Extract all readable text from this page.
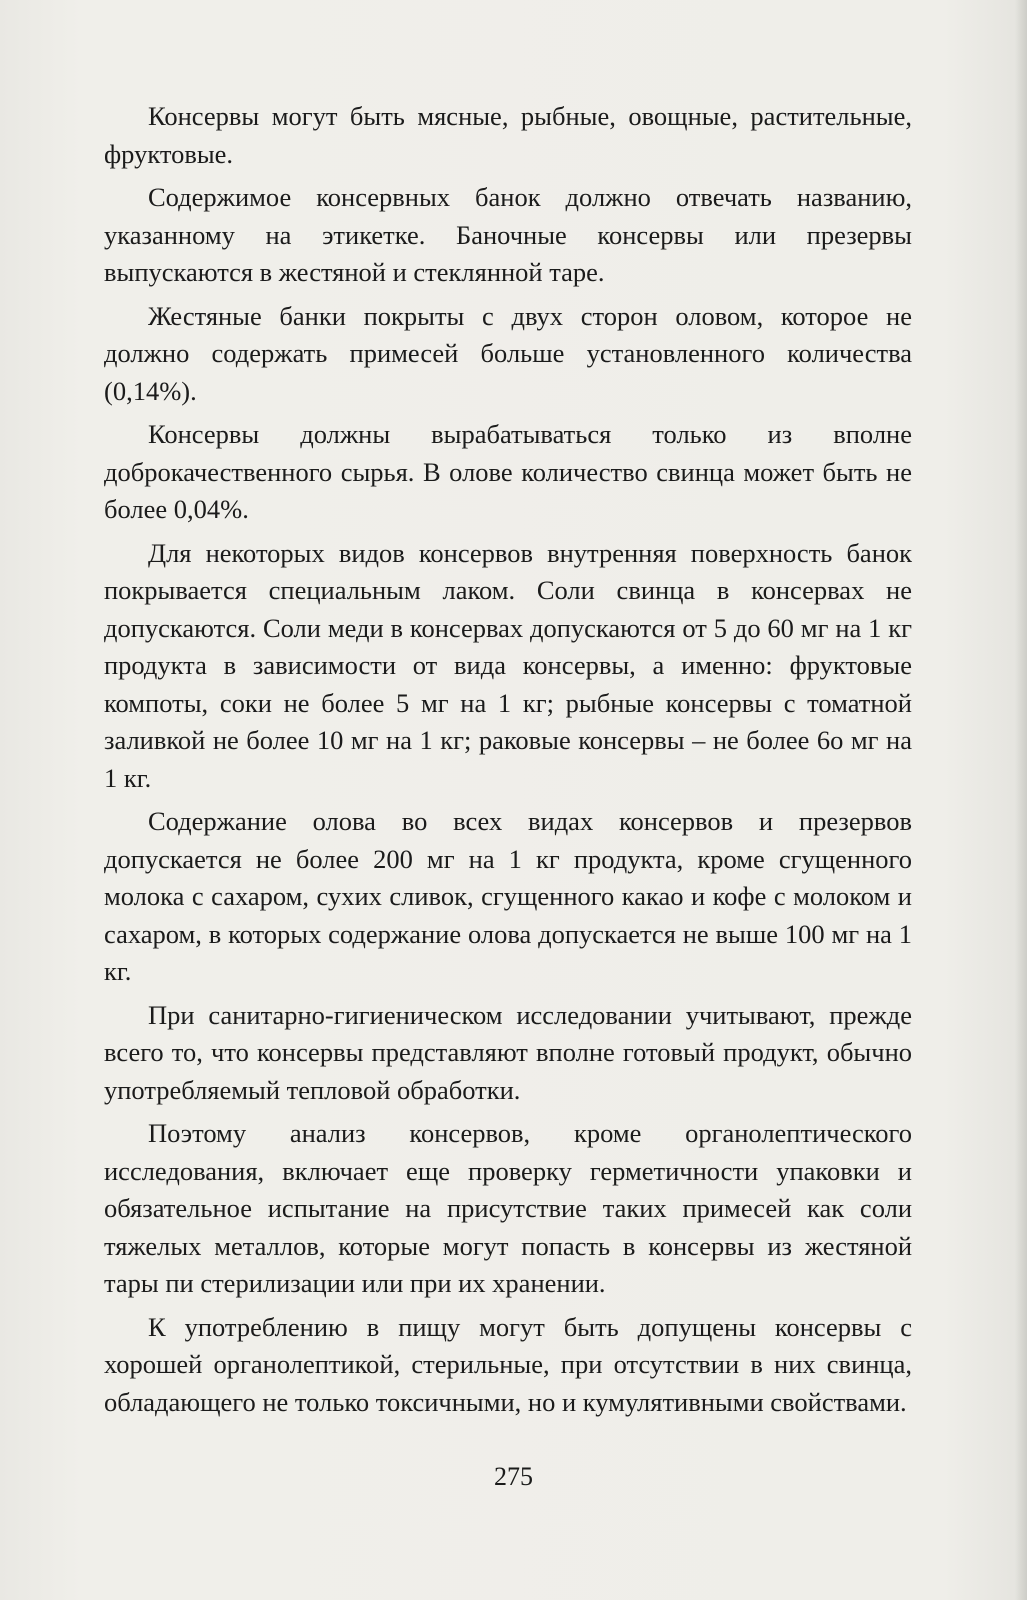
Консервы могут быть мясные, рыбные, овощные, растительные, фруктовые.

Содержимое консервных банок должно отвечать названию, указанному на этикетке. Баночные консервы или презервы выпускаются в жестяной и стеклянной таре.

Жестяные банки покрыты с двух сторон оловом, которое не должно содержать примесей больше установленного количества (0,14%).

Консервы должны вырабатываться только из вполне доброкачественного сырья. В олове количество свинца может быть не более 0,04%.

Для некоторых видов консервов внутренняя поверхность банок покрывается специальным лаком. Соли свинца в консервах не допускаются. Соли меди в консервах допускаются от 5 до 60 мг на 1 кг продукта в зависимости от вида консервы, а именно: фруктовые компоты, соки не более 5 мг на 1 кг; рыбные консервы с томатной заливкой не более 10 мг на 1 кг; раковые консервы – не более 6о мг на 1 кг.

Содержание олова во всех видах консервов и презервов допускается не более 200 мг на 1 кг продукта, кроме сгущенного молока с сахаром, сухих сливок, сгущенного какао и кофе с молоком и сахаром, в которых содержание олова допускается не выше 100 мг на 1 кг.

При санитарно-гигиеническом исследовании учитывают, прежде всего то, что консервы представляют вполне готовый продукт, обычно употребляемый тепловой обработки.

Поэтому анализ консервов, кроме органолептического исследования, включает еще проверку герметичности упаковки и обязательное испытание на присутствие таких примесей как соли тяжелых металлов, которые могут попасть в консервы из жестяной тары пи стерилизации или при их хранении.

К употреблению в пищу могут быть допущены консервы с хорошей органолептикой, стерильные, при отсутствии в них свинца, обладающего не только токсичными, но и кумулятивными свойствами.

275
